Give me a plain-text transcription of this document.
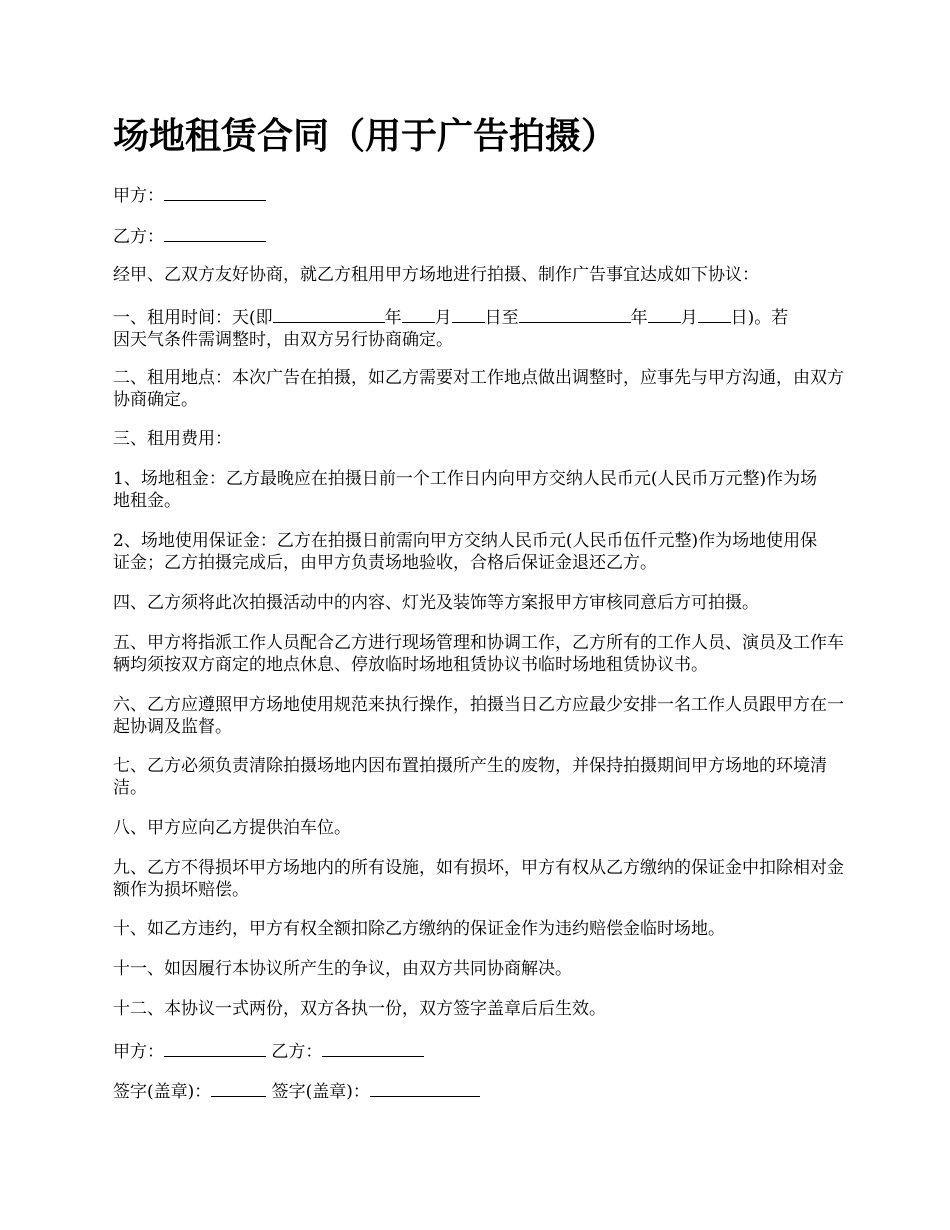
场地租赁合同（用于广告拍摄）

甲方：

乙方：

经甲、乙双方友好协商，就乙方租用甲方场地进行拍摄、制作广告事宜达成如下协议：

一、租用时间：天(即	年 月 日至	年 月 日)。若
因天气条件需调整时，由双方另行协商确定。

二、租用地点：本次广告在拍摄，如乙方需要对工作地点做出调整时，应事先与甲方沟通，由双方协商确定。

三、租用费用：

1、场地租金：乙方最晚应在拍摄日前一个工作日内向甲方交纳人民币元(人民币万元整)作为场地租金。

2、场地使用保证金：乙方在拍摄日前需向甲方交纳人民币元(人民币伍仟元整)作为场地使用保证金；乙方拍摄完成后，由甲方负责场地验收，合格后保证金退还乙方。

四、乙方须将此次拍摄活动中的内容、灯光及装饰等方案报甲方审核同意后方可拍摄。

五、甲方将指派工作人员配合乙方进行现场管理和协调工作，乙方所有的工作人员、演员及工作车辆均须按双方商定的地点休息、停放临时场地租赁协议书临时场地租赁协议书。

六、乙方应遵照甲方场地使用规范来执行操作，拍摄当日乙方应最少安排一名工作人员跟甲方在一起协调及监督。

七、乙方必须负责清除拍摄场地内因布置拍摄所产生的废物，并保持拍摄期间甲方场地的环境清洁。

八、甲方应向乙方提供泊车位。

九、乙方不得损坏甲方场地内的所有设施，如有损坏，甲方有权从乙方缴纳的保证金中扣除相对金额作为损坏赔偿。

十、如乙方违约，甲方有权全额扣除乙方缴纳的保证金作为违约赔偿金临时场地。

十一、如因履行本协议所产生的争议，由双方共同协商解决。

十二、本协议一式两份，双方各执一份，双方签字盖章后后生效。

甲方：	乙方：

签字(盖章)：	签字(盖章)：
